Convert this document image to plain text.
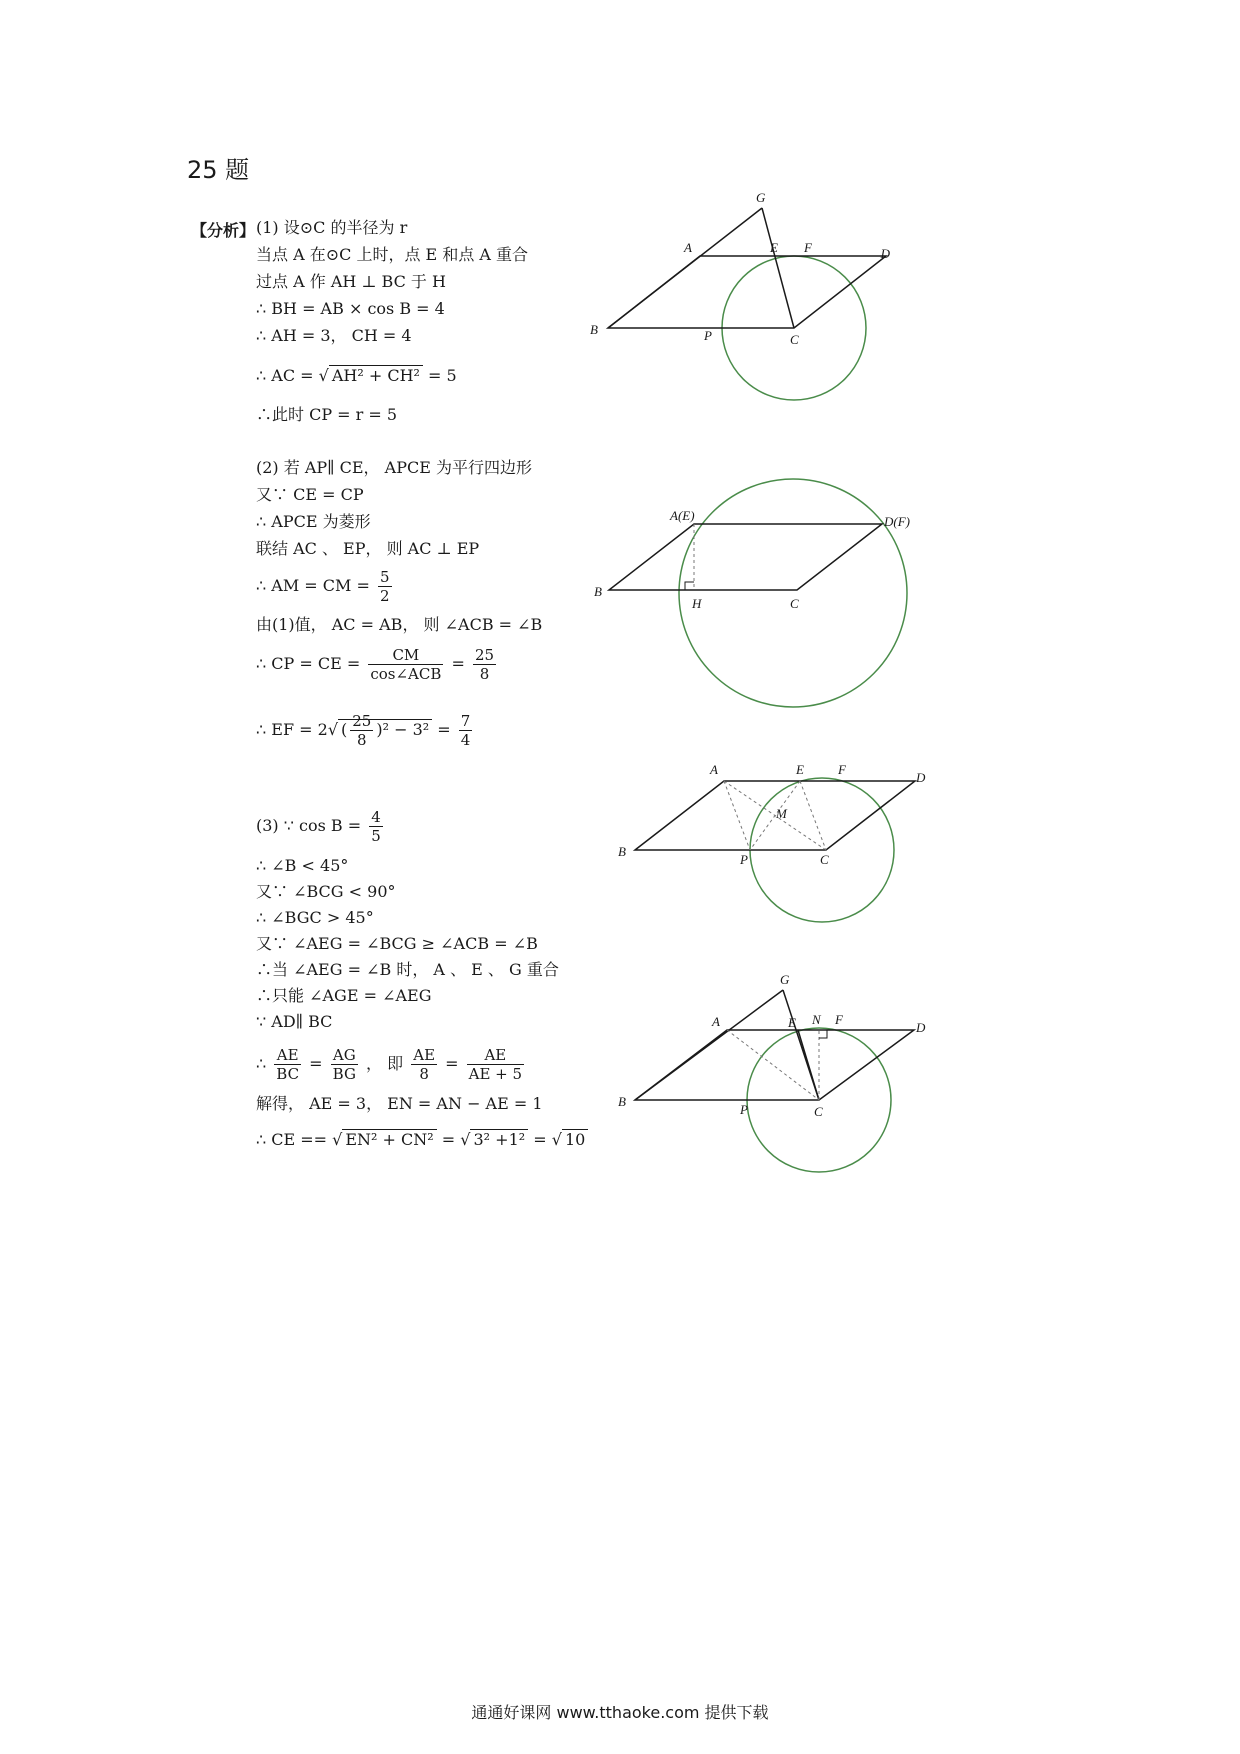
25 题
【分析】 (1) 设⊙C 的半径为 r
当点 A 在⊙C 上时，点 E 和点 A 重合
过点 A 作 AH ⊥ BC 于 H
∴ BH = AB × cos B = 4
∴ AH = 3， CH = 4
∴ AC = √ AH² + CH² = 5
∴此时 CP = r = 5
(2) 若 AP∥ CE， APCE 为平行四边形
又∵ CE = CP
∴ APCE 为菱形
联结 AC 、 EP， 则 AC ⊥ EP
∴ AM = CM = $\frac{5}{2}$
由(1)值， AC = AB， 则 ∠ACB = ∠B
∴ CP = CE = $\frac{CM}{\text{cos∠ACB}} = \frac{25}{8}$
∴ EF = 2√ ( $\frac{25}{8} )^2 - 3^2 = \frac{7}{4}$
(3) ∵ $\cos B = \frac{4}{5}$
∴ ∠B < 45°
又∵ ∠BCG < 90°
∴ ∠BGC > 45°
又∵ ∠AEG = ∠BCG ≥ ∠ACB = ∠B
∴当 ∠AEG = ∠B 时， A 、 E 、 G 重合
∴只能 ∠AGE = ∠AEG
∵ AD∥ BC
∴ $\frac{AE}{BC} = \frac{AG}{BG}$ ， 即 $\frac{AE}{8} = \frac{AE}{AE + 5}$
解得， AE = 3， EN = AN − AE = 1
∴ CE == √ EN² + CN² = √ 3² +1² = √ 10
G
A	E F	D
B	P	C
A(E)	D(F)
B
H	C
A	E	F
D
M
B
P	C
G
A	E N F
D
B
P	C
通通好课网 www.tthaoke.com 提供下载
